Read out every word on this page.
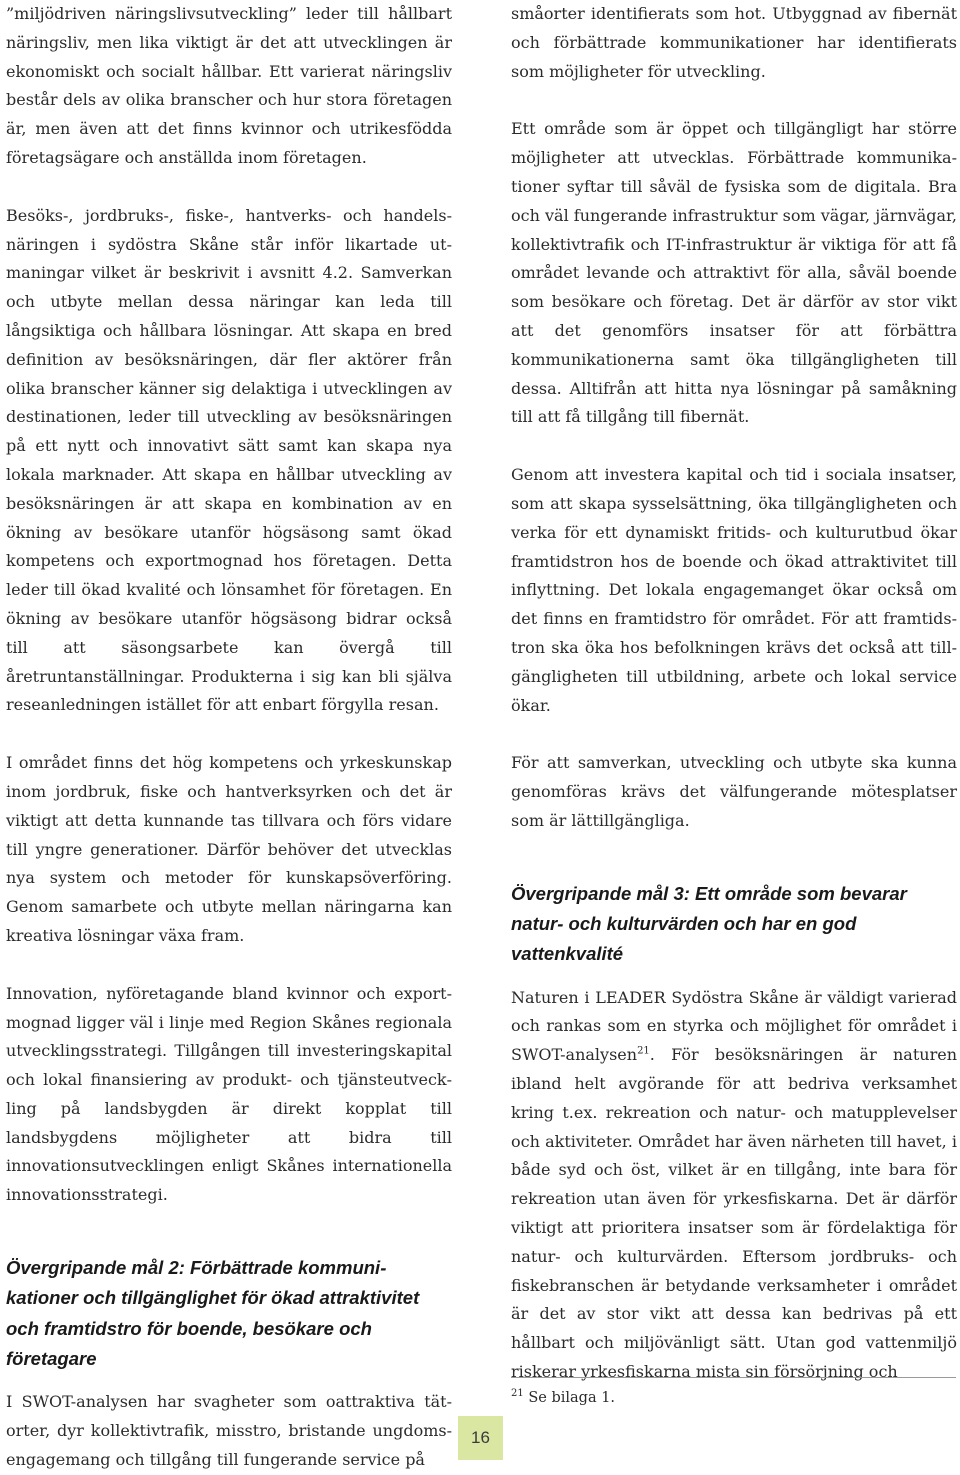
”miljödriven näringslivsutveckling” leder till hållbart näringsliv, men lika viktigt är det att utvecklingen är ekonomiskt och socialt hållbar. Ett varierat näringsliv består dels av olika branscher och hur stora företagen är, men även att det finns kvinnor och utrikesfödda företagsägare och anställda inom företagen.

Besöks-, jordbruks-, fiske-, hantverks- och handelsnäringen i sydöstra Skåne står inför likartade utmaningar vilket är beskrivit i avsnitt 4.2. Samverkan och utbyte mellan dessa näringar kan leda till långsiktiga och hållbara lösningar. Att skapa en bred definition av besöksnäringen, där fler aktörer från olika branscher känner sig delaktiga i utvecklingen av destinationen, leder till utveckling av besöksnäringen på ett nytt och innovativt sätt samt kan skapa nya lokala marknader. Att skapa en hållbar utveckling av besöksnäringen är att skapa en kombination av en ökning av besökare utanför högsäsong samt ökad kompetens och exportmognad hos företagen. Detta leder till ökad kvalité och lönsamhet för företagen. En ökning av besökare utanför högsäsong bidrar också till att säsongsarbete kan övergå till åretruntanställningar. Produkterna i sig kan bli själva reseanledningen istället för att enbart förgylla resan.

I området finns det hög kompetens och yrkeskunskap inom jordbruk, fiske och hantverksyrken och det är viktigt att detta kunnande tas tillvara och förs vidare till yngre generationer. Därför behöver det utvecklas nya system och metoder för kunskapsöverföring. Genom samarbete och utbyte mellan näringarna kan kreativa lösningar växa fram.

Innovation, nyföretagande bland kvinnor och exportmognad ligger väl i linje med Region Skånes regionala utvecklingsstrategi. Tillgången till investeringskapital och lokal finansiering av produkt- och tjänsteutveckling på landsbygden är direkt kopplat till landsbygdens möjligheter att bidra till innovationsutvecklingen enligt Skånes internationella innovationsstrategi.

Övergripande mål 2: Förbättrade kommunikationer och tillgänglighet för ökad attraktivitet och framtidstro för boende, besökare och företagare

I SWOT-analysen har svagheter som oattraktiva tätorter, dyr kollektivtrafik, misstro, bristande ungdomsengagemang och tillgång till fungerande service på

småorter identifierats som hot. Utbyggnad av fibernät och förbättrade kommunikationer har identifierats som möjligheter för utveckling.

Ett område som är öppet och tillgängligt har större möjligheter att utvecklas. Förbättrade kommunikationer syftar till såväl de fysiska som de digitala. Bra och väl fungerande infrastruktur som vägar, järnvägar, kollektivtrafik och IT-infrastruktur är viktiga för att få området levande och attraktivt för alla, såväl boende som besökare och företag. Det är därför av stor vikt att det genomförs insatser för att förbättra kommunikationerna samt öka tillgängligheten till dessa. Alltifrån att hitta nya lösningar på samåkning till att få tillgång till fibernät.

Genom att investera kapital och tid i sociala insatser, som att skapa sysselsättning, öka tillgängligheten och verka för ett dynamiskt fritids- och kulturutbud ökar framtidstron hos de boende och ökad attraktivitet till inflyttning. Det lokala engagemanget ökar också om det finns en framtidstro för området. För att framtidstron ska öka hos befolkningen krävs det också att tillgängligheten till utbildning, arbete och lokal service ökar.

För att samverkan, utveckling och utbyte ska kunna genomföras krävs det välfungerande mötesplatser som är lättillgängliga.

Övergripande mål 3: Ett område som bevarar natur- och kulturvärden och har en god vattenkvalité

Naturen i LEADER Sydöstra Skåne är väldigt varierad och rankas som en styrka och möjlighet för området i SWOT-analysen$^{21}$. För besöksnäringen är naturen ibland helt avgörande för att bedriva verksamhet kring t.ex. rekreation och natur- och matupplevelser och aktiviteter. Området har även närheten till havet, i både syd och öst, vilket är en tillgång, inte bara för rekreation utan även för yrkesfiskarna. Det är därför viktigt att prioritera insatser som är fördelaktiga för natur- och kulturvärden. Eftersom jordbruks- och fiskebranschen är betydande verksamheter i området är det av stor vikt att dessa kan bedrivas på ett hållbart och miljövänligt sätt. Utan god vattenmiljö riskerar yrkesfiskarna mista sin försörjning och

$^{21}$ Se bilaga 1.
16
